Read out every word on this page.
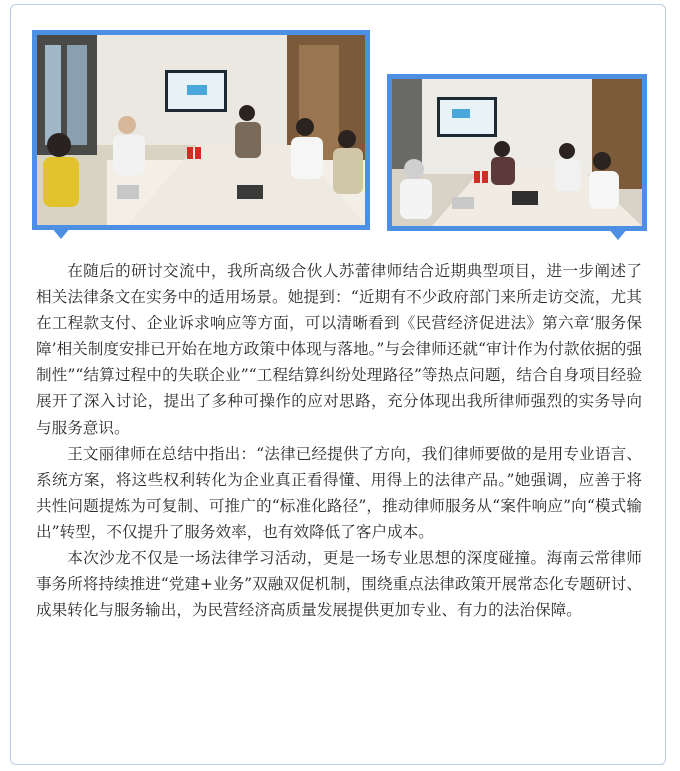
在随后的研讨交流中，我所高级合伙人苏蕾律师结合近期典型项目，进一步阐述了相关法律条文在实务中的适用场景。她提到：“近期有不少政府部门来所走访交流，尤其在工程款支付、企业诉求响应等方面，可以清晰看到《民营经济促进法》第六章‘服务保障’相关制度安排已开始在地方政策中体现与落地。”与会律师还就“审计作为付款依据的强制性”“结算过程中的失联企业”“工程结算纠纷处理路径”等热点问题，结合自身项目经验展开了深入讨论，提出了多种可操作的应对思路，充分体现出我所律师强烈的实务导向与服务意识。

王文丽律师在总结中指出：“法律已经提供了方向，我们律师要做的是用专业语言、系统方案，将这些权利转化为企业真正看得懂、用得上的法律产品。”她强调，应善于将共性问题提炼为可复制、可推广的“标准化路径”，推动律师服务从“案件响应”向“模式输出”转型，不仅提升了服务效率，也有效降低了客户成本。

本次沙龙不仅是一场法律学习活动，更是一场专业思想的深度碰撞。海南云常律师事务所将持续推进“党建+业务”双融双促机制，围绕重点法律政策开展常态化专题研讨、成果转化与服务输出，为民营经济高质量发展提供更加专业、有力的法治保障。
